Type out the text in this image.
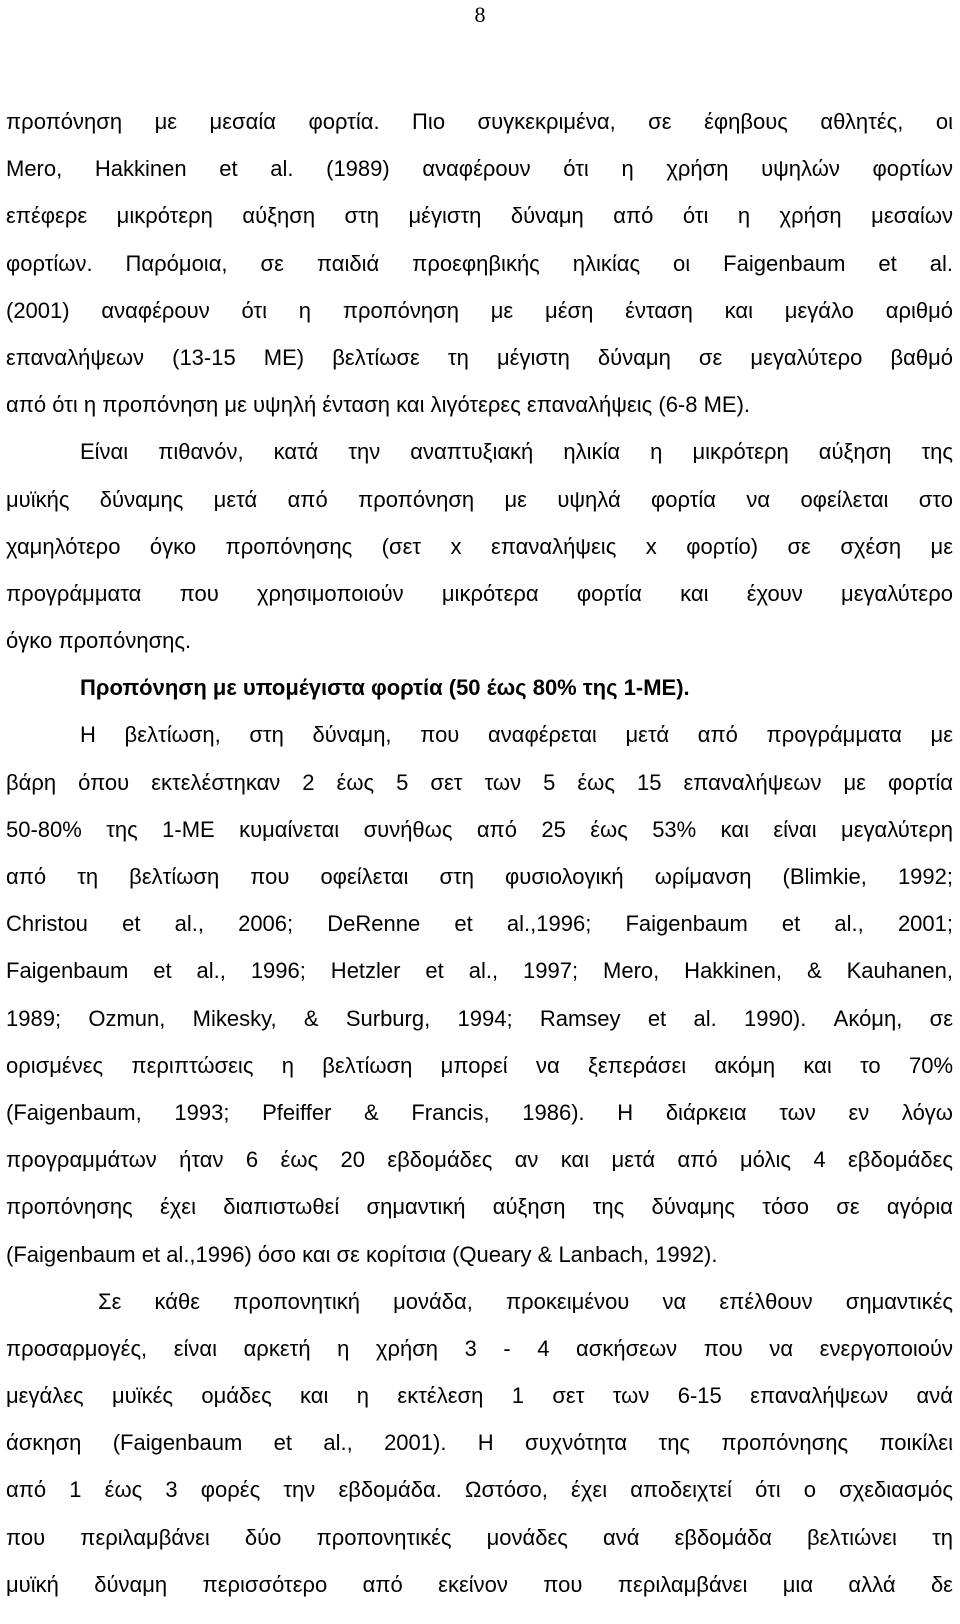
8
προπόνηση με μεσαία φορτία. Πιο συγκεκριμένα, σε έφηβους αθλητές, οι
Mero, Hakkinen et al. (1989) αναφέρουν ότι η χρήση υψηλών φορτίων
επέφερε μικρότερη αύξηση στη μέγιστη δύναμη από ότι η χρήση μεσαίων
φορτίων. Παρόμοια, σε παιδιά προεφηβικής ηλικίας οι Faigenbaum et al.
(2001) αναφέρουν ότι η προπόνηση με μέση ένταση και μεγάλο αριθμό
επαναλήψεων (13-15 ΜΕ) βελτίωσε τη μέγιστη δύναμη σε μεγαλύτερο βαθμό
από ότι η προπόνηση με υψηλή ένταση και λιγότερες επαναλήψεις (6-8 ΜΕ).
Είναι πιθανόν, κατά την αναπτυξιακή ηλικία η μικρότερη αύξηση της
μυϊκής δύναμης μετά από προπόνηση με υψηλά φορτία να οφείλεται στο
χαμηλότερο όγκο προπόνησης (σετ x επαναλήψεις x φορτίο) σε σχέση με
προγράμματα που χρησιμοποιούν μικρότερα φορτία και έχουν μεγαλύτερο
όγκο προπόνησης.
Προπόνηση με υπομέγιστα φορτία (50 έως 80% της 1-ΜΕ).
Η βελτίωση, στη δύναμη, που αναφέρεται μετά από προγράμματα με
βάρη όπου εκτελέστηκαν 2 έως 5 σετ των 5 έως 15 επαναλήψεων με φορτία
50-80% της 1-ΜΕ κυμαίνεται συνήθως από 25 έως 53% και είναι μεγαλύτερη
από τη βελτίωση που οφείλεται στη φυσιολογική ωρίμανση (Blimkie, 1992;
Christou et al., 2006; DeRenne et al.,1996; Faigenbaum et al., 2001;
Faigenbaum et al., 1996; Hetzler et al., 1997; Mero, Hakkinen, & Kauhanen,
1989; Ozmun, Mikesky, & Surburg, 1994; Ramsey et al. 1990). Ακόμη, σε
ορισμένες περιπτώσεις η βελτίωση μπορεί να ξεπεράσει ακόμη και το 70%
(Faigenbaum, 1993; Pfeiffer & Francis, 1986). Η διάρκεια των εν λόγω
προγραμμάτων ήταν 6 έως 20 εβδομάδες αν και μετά από μόλις 4 εβδομάδες
προπόνησης έχει διαπιστωθεί σημαντική αύξηση της δύναμης τόσο σε αγόρια
(Faigenbaum et al.,1996) όσο και σε κορίτσια (Queary & Lanbach, 1992).
Σε κάθε προπονητική μονάδα, προκειμένου να επέλθουν σημαντικές
προσαρμογές, είναι αρκετή η χρήση 3 - 4 ασκήσεων που να ενεργοποιούν
μεγάλες μυϊκές ομάδες και η εκτέλεση 1 σετ των 6-15 επαναλήψεων ανά
άσκηση (Faigenbaum et al., 2001). Η συχνότητα της προπόνησης ποικίλει
από 1 έως 3 φορές την εβδομάδα. Ωστόσο, έχει αποδειχτεί ότι ο σχεδιασμός
που περιλαμβάνει δύο προπονητικές μονάδες ανά εβδομάδα βελτιώνει τη
μυϊκή δύναμη περισσότερο από εκείνον που περιλαμβάνει μια αλλά δε
